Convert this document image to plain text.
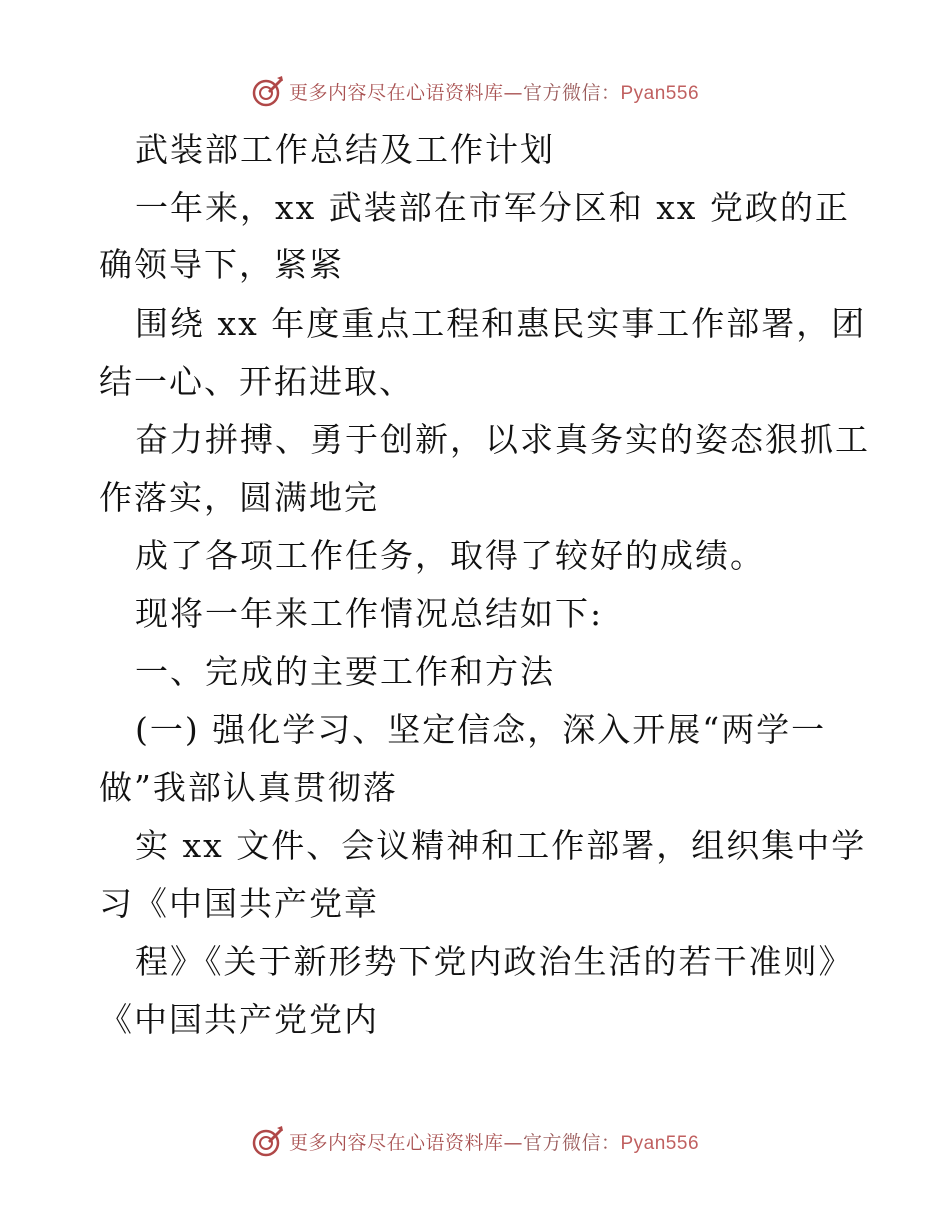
更多内容尽在心语资料库—官方微信：Pyan556
武装部工作总结及工作计划
一年来，xx 武装部在市军分区和 xx 党政的正
确领导下，紧紧
围绕 xx 年度重点工程和惠民实事工作部署，团
结一心、开拓进取、
奋力拼搏、勇于创新，以求真务实的姿态狠抓工
作落实，圆满地完
成了各项工作任务，取得了较好的成绩。
现将一年来工作情况总结如下:
一、完成的主要工作和方法
(一) 强化学习、坚定信念，深入开展“两学一
做”我部认真贯彻落
实 xx 文件、会议精神和工作部署，组织集中学
习《中国共产党章
程》《关于新形势下党内政治生活的若干准则》
《中国共产党党内
更多内容尽在心语资料库—官方微信：Pyan556
